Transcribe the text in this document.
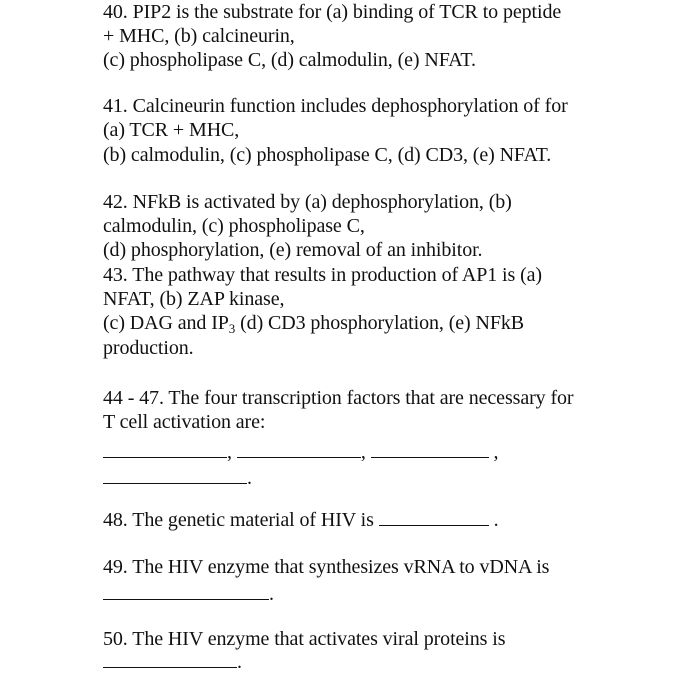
40. PIP2 is the substrate for (a) binding of TCR to peptide
+ MHC, (b) calcineurin,
(c) phospholipase C, (d) calmodulin, (e) NFAT.
41. Calcineurin function includes dephosphorylation of for
(a) TCR + MHC,
(b) calmodulin, (c) phospholipase C, (d) CD3, (e) NFAT.
42. NFkB is activated by (a) dephosphorylation, (b)
calmodulin, (c) phospholipase C,
(d) phosphorylation, (e) removal of an inhibitor.
43. The pathway that results in production of AP1 is (a)
NFAT, (b) ZAP kinase,
(c) DAG and $IP_3$ (d) CD3 phosphorylation, (e) NFkB
production.
44 - 47. The four transcription factors that are necessary for
T cell activation are:
,	,	,
.
48. The genetic material of HIV is	.
49. The HIV enzyme that synthesizes vRNA to vDNA is
.
50. The HIV enzyme that activates viral proteins is
.
